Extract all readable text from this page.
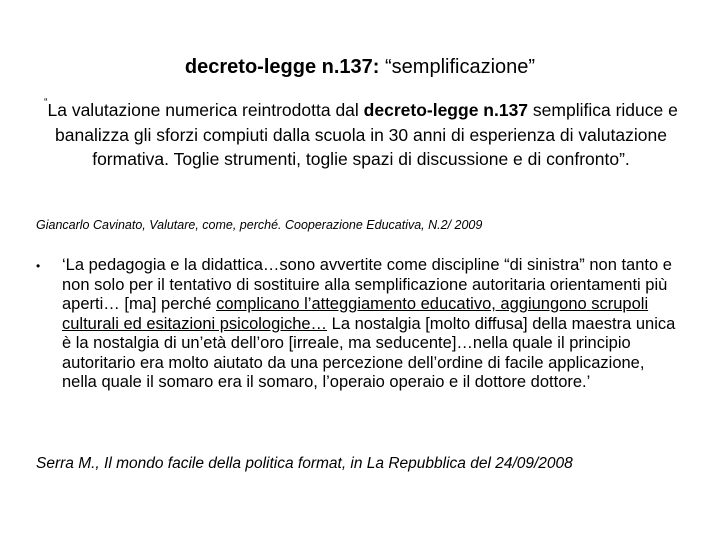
decreto-legge n.137: “semplificazione”

“La valutazione numerica reintrodotta dal decreto-legge n.137 semplifica riduce e banalizza gli sforzi compiuti dalla scuola in 30 anni di esperienza di valutazione formativa. Toglie strumenti, toglie spazi di discussione e di confronto”.

Giancarlo Cavinato, Valutare, come, perché. Cooperazione Educativa, N.2/ 2009

•	‘La pedagogia e la didattica…sono avvertite come discipline “di sinistra” non tanto e non solo per il tentativo di sostituire alla semplificazione autoritaria orientamenti più aperti… [ma] perché complicano l’atteggiamento educativo, aggiungono scrupoli culturali ed esitazioni psicologiche… La nostalgia [molto diffusa] della maestra unica è la nostalgia di un’età dell’oro [irreale, ma seducente]…nella quale il principio autoritario era molto aiutato da una percezione dell’ordine di facile applicazione, nella quale il somaro era il somaro, l’operaio operaio e il dottore dottore.’

Serra M., Il mondo facile della politica format, in La Repubblica del 24/09/2008
